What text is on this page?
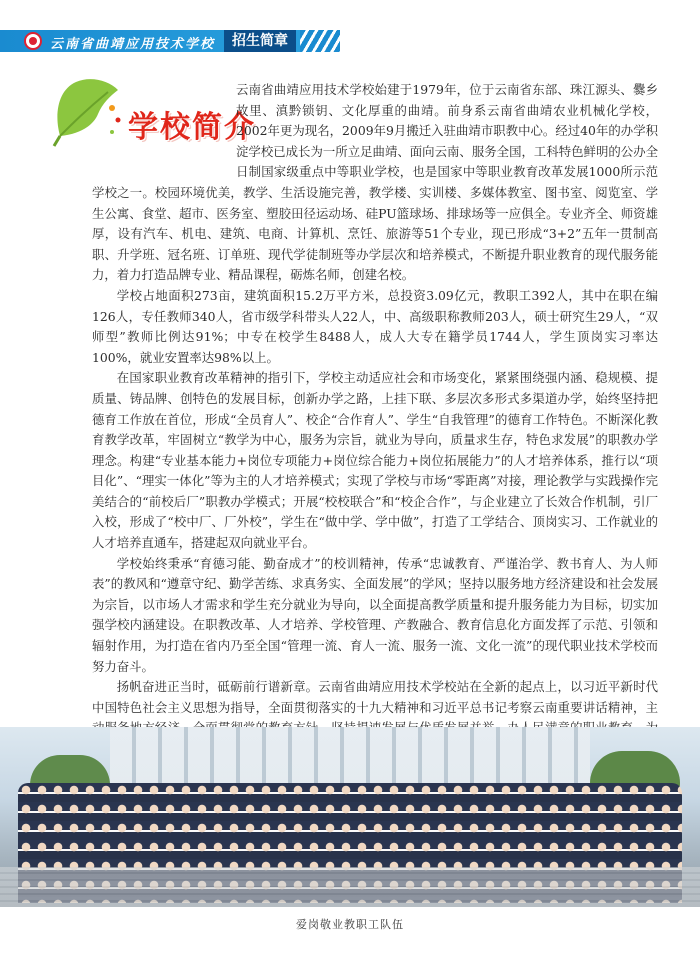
云南省曲靖应用技术学校	招生简章
学校简介

云南省曲靖应用技术学校始建于1979年，位于云南省东部、珠江源头、爨乡故里、滇黔锁钥、文化厚重的曲靖。前身系云南省曲靖农业机械化学校，2002年更为现名，2009年9月搬迁入驻曲靖市职教中心。经过40年的办学积淀学校已成长为一所立足曲靖、面向云南、服务全国，工科特色鲜明的公办全日制国家级重点中等职业学校，也是国家中等职业教育改革发展1000所示范学校之一。校园环境优美，教学、生活设施完善，教学楼、实训楼、多媒体教室、图书室、阅览室、学生公寓、食堂、超市、医务室、塑胶田径运动场、硅PU篮球场、排球场等一应俱全。专业齐全、师资雄厚，设有汽车、机电、建筑、电商、计算机、烹饪、旅游等51个专业，现已形成“3+2”五年一贯制高职、升学班、冠名班、订单班、现代学徒制班等办学层次和培养模式，不断提升职业教育的现代服务能力，着力打造品牌专业、精品课程，砺炼名师，创建名校。

学校占地面积273亩，建筑面积15.2万平方米，总投资3.09亿元，教职工392人，其中在职在编126人，专任教师340人，省市级学科带头人22人，中、高级职称教师203人，硕士研究生29人，“双师型”教师比例达91%；中专在校学生8488人，成人大专在籍学员1744人，学生顶岗实习率达100%，就业安置率达98%以上。

在国家职业教育改革精神的指引下，学校主动适应社会和市场变化，紧紧围绕强内涵、稳规模、提质量、铸品牌、创特色的发展目标，创新办学之路，上挂下联、多层次多形式多渠道办学，始终坚持把德育工作放在首位，形成“全员育人”、校企“合作育人”、学生“自我管理”的德育工作特色。不断深化教育教学改革，牢固树立“教学为中心，服务为宗旨，就业为导向，质量求生存，特色求发展”的职教办学理念。构建“专业基本能力+岗位专项能力+岗位综合能力+岗位拓展能力”的人才培养体系，推行以“项目化”、“理实一体化”等为主的人才培养模式；实现了学校与市场“零距离”对接，理论教学与实践操作完美结合的“前校后厂”职教办学模式；开展“校校联合”和“校企合作”，与企业建立了长效合作机制，引厂入校，形成了“校中厂、厂外校”，学生在“做中学、学中做”，打造了工学结合、顶岗实习、工作就业的人才培养直通车，搭建起双向就业平台。

学校始终秉承“育德习能、勤奋成才”的校训精神，传承“忠诚教育、严谨治学、教书育人、为人师表”的教风和“遵章守纪、勤学苦练、求真务实、全面发展”的学风；坚持以服务地方经济建设和社会发展为宗旨，以市场人才需求和学生充分就业为导向，以全面提高教学质量和提升服务能力为目标，切实加强学校内涵建设。在职教改革、人才培养、学校管理、产教融合、教育信息化方面发挥了示范、引领和辐射作用，为打造在省内乃至全国“管理一流、育人一流、服务一流、文化一流”的现代职业技术学校而努力奋斗。

扬帆奋进正当时，砥砺前行谱新章。云南省曲靖应用技术学校站在全新的起点上，以习近平新时代中国特色社会主义思想为指导，全面贯彻落实的十九大精神和习近平总书记考察云南重要讲话精神，主

爱岗敬业教职工队伍
